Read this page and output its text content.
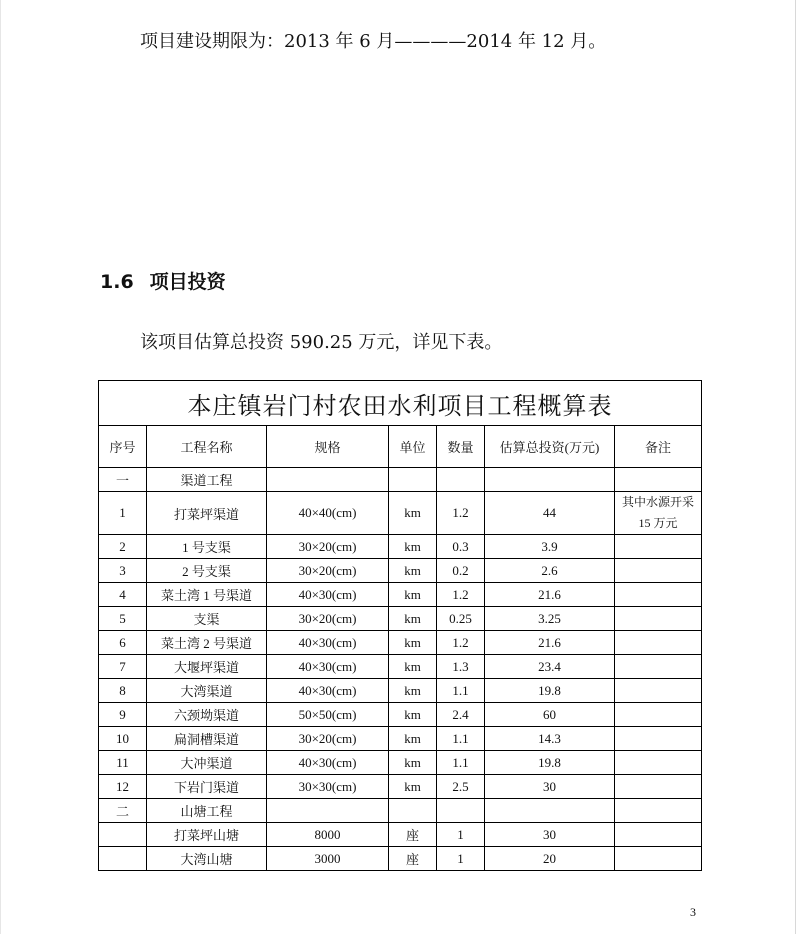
项目建设期限为：2013 年 6 月————2014 年 12 月。
1.6 项目投资
该项目估算总投资 590.25 万元，详见下表。
本庄镇岩门村农田水利项目工程概算表						
序号	工程名称	规格	单位	数量	估算总投资(万元)	备注
一	渠道工程					
1	打菜坪渠道	40×40(cm)	km	1.2	44	其中水源开采 15 万元
2	1 号支渠	30×20(cm)	km	0.3	3.9	
3	2 号支渠	30×20(cm)	km	0.2	2.6	
4	菜土湾 1 号渠道	40×30(cm)	km	1.2	21.6	
5	支渠	30×20(cm)	km	0.25	3.25	
6	菜土湾 2 号渠道	40×30(cm)	km	1.2	21.6	
7	大堰坪渠道	40×30(cm)	km	1.3	23.4	
8	大湾渠道	40×30(cm)	km	1.1	19.8	
9	六颈坳渠道	50×50(cm)	km	2.4	60	
10	扁洞槽渠道	30×20(cm)	km	1.1	14.3	
11	大冲渠道	40×30(cm)	km	1.1	19.8	
12	下岩门渠道	30×30(cm)	km	2.5	30	
二	山塘工程					
	打菜坪山塘	8000	座	1	30	
	大湾山塘	3000	座	1	20	
3
